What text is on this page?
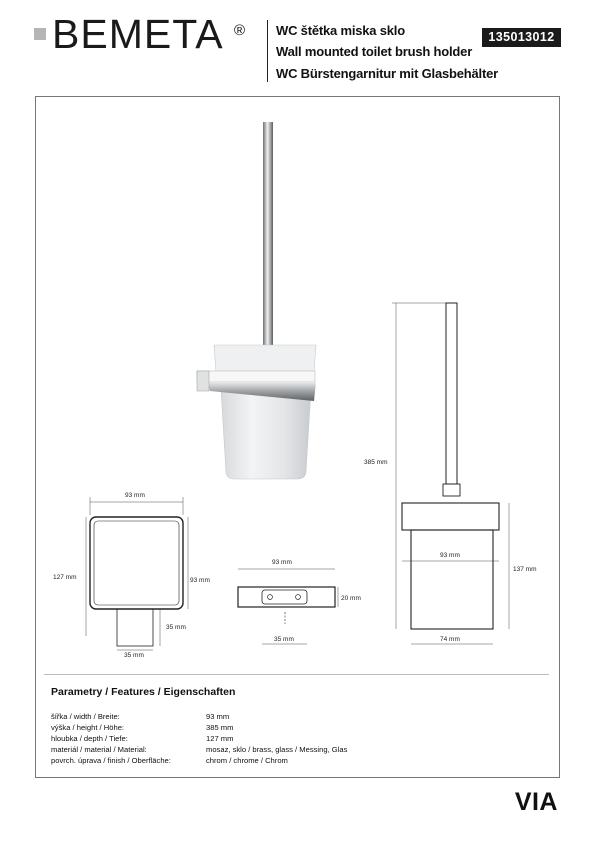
BEMETA ® WC štětka miska sklo
Wall mounted toilet brush holder
WC Bürstengarnitur mit Glasbehälter
135013012
93 mm
127 mm	93 mm
35 mm
35 mm
93 mm
20 mm
35 mm
385 mm
93 mm
137 mm
74 mm
Parametry / Features / Eigenschaften
šířka / width / Breite:	93 mm
výška / height / Höhe:	385 mm
hloubka / depth / Tiefe:	127 mm
materiál / material / Material:	mosaz, sklo / brass, glass / Messing, Glas
povrch. úprava / finish / Oberfläche:	chrom / chrome / Chrom
VIA
